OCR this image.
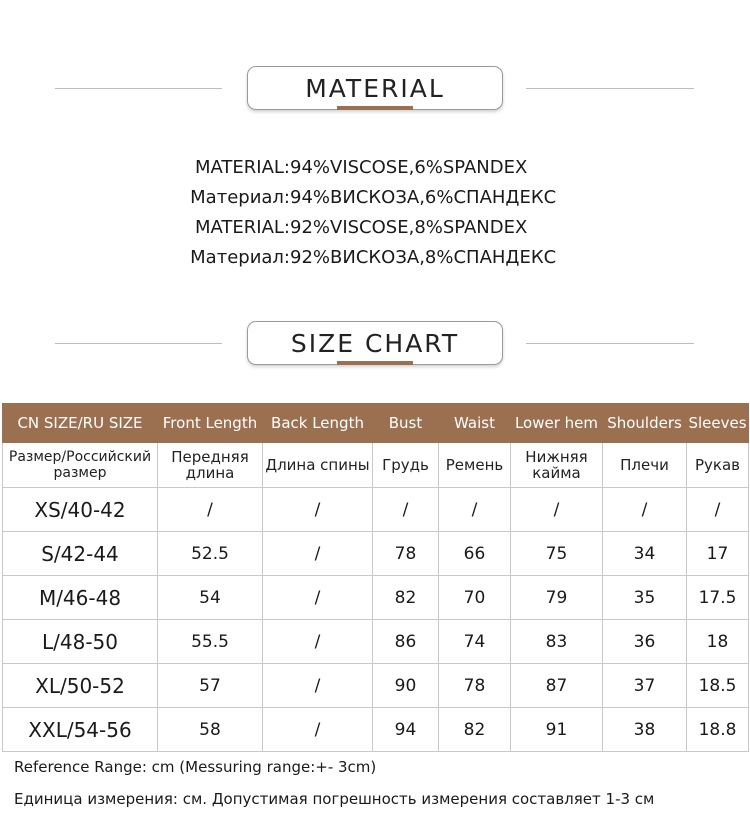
MATERIAL
MATERIAL: 94%VISCOSE,6%SPANDEX
Материал: 94%ВИСКОЗА,6%СПАНДЕКС
MATERIAL: 92%VISCOSE,8%SPANDEX
Материал: 92%ВИСКОЗА,8%СПАНДЕКС
SIZE CHART
CN SIZE/RU SIZE	Front Length	Back Length	Bust	Waist	Lower hem	Shoulders	Sleeves
Размер/Российский размер	Передняя длина	Длина спины	Грудь	Ремень	Нижняя кайма	Плечи	Рукав
XS/40-42	/	/	/	/	/	/	/
S/42-44	52.5	/	78	66	75	34	17
M/46-48	54	/	82	70	79	35	17.5
L/48-50	55.5	/	86	74	83	36	18
XL/50-52	57	/	90	78	87	37	18.5
XXL/54-56	58	/	94	82	91	38	18.8
Reference Range: cm (Messuring range:+- 3cm)
Единица измерения: см. Допустимая погрешность измерения составляет 1-3 см
